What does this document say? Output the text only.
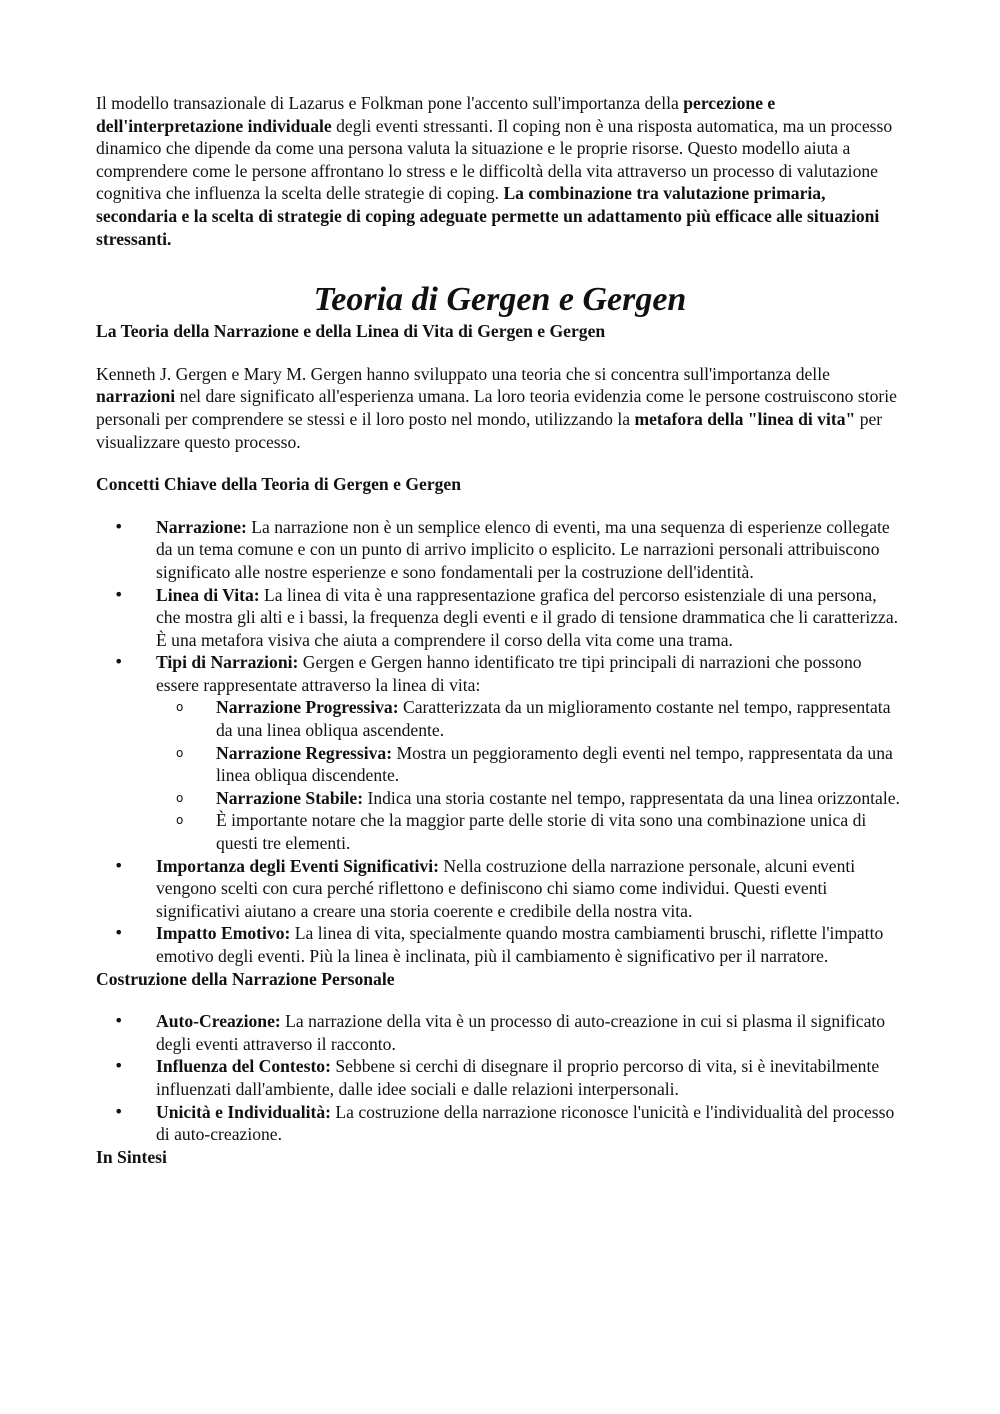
Il modello transazionale di Lazarus e Folkman pone l'accento sull'importanza della percezione e dell'interpretazione individuale degli eventi stressanti. Il coping non è una risposta automatica, ma un processo dinamico che dipende da come una persona valuta la situazione e le proprie risorse. Questo modello aiuta a comprendere come le persone affrontano lo stress e le difficoltà della vita attraverso un processo di valutazione cognitiva che influenza la scelta delle strategie di coping. La combinazione tra valutazione primaria, secondaria e la scelta di strategie di coping adeguate permette un adattamento più efficace alle situazioni stressanti.

Teoria di Gergen e Gergen

La Teoria della Narrazione e della Linea di Vita di Gergen e Gergen

Kenneth J. Gergen e Mary M. Gergen hanno sviluppato una teoria che si concentra sull'importanza delle narrazioni nel dare significato all'esperienza umana. La loro teoria evidenzia come le persone costruiscono storie personali per comprendere se stessi e il loro posto nel mondo, utilizzando la metafora della "linea di vita" per visualizzare questo processo.

Concetti Chiave della Teoria di Gergen e Gergen

• Narrazione: La narrazione non è un semplice elenco di eventi, ma una sequenza di esperienze collegate da un tema comune e con un punto di arrivo implicito o esplicito. Le narrazioni personali attribuiscono significato alle nostre esperienze e sono fondamentali per la costruzione dell'identità.
• Linea di Vita: La linea di vita è una rappresentazione grafica del percorso esistenziale di una persona, che mostra gli alti e i bassi, la frequenza degli eventi e il grado di tensione drammatica che li caratterizza. È una metafora visiva che aiuta a comprendere il corso della vita come una trama.
• Tipi di Narrazioni: Gergen e Gergen hanno identificato tre tipi principali di narrazioni che possono essere rappresentate attraverso la linea di vita:
o Narrazione Progressiva: Caratterizzata da un miglioramento costante nel tempo, rappresentata da una linea obliqua ascendente.
o Narrazione Regressiva: Mostra un peggioramento degli eventi nel tempo, rappresentata da una linea obliqua discendente.
o Narrazione Stabile: Indica una storia costante nel tempo, rappresentata da una linea orizzontale.
o È importante notare che la maggior parte delle storie di vita sono una combinazione unica di questi tre elementi.
• Importanza degli Eventi Significativi: Nella costruzione della narrazione personale, alcuni eventi vengono scelti con cura perché riflettono e definiscono chi siamo come individui. Questi eventi significativi aiutano a creare una storia coerente e credibile della nostra vita.
• Impatto Emotivo: La linea di vita, specialmente quando mostra cambiamenti bruschi, riflette l'impatto emotivo degli eventi. Più la linea è inclinata, più il cambiamento è significativo per il narratore.

Costruzione della Narrazione Personale

• Auto-Creazione: La narrazione della vita è un processo di auto-creazione in cui si plasma il significato degli eventi attraverso il racconto.
• Influenza del Contesto: Sebbene si cerchi di disegnare il proprio percorso di vita, si è inevitabilmente influenzati dall'ambiente, dalle idee sociali e dalle relazioni interpersonali.
• Unicità e Individualità: La costruzione della narrazione riconosce l'unicità e l'individualità del processo di auto-creazione.

In Sintesi
